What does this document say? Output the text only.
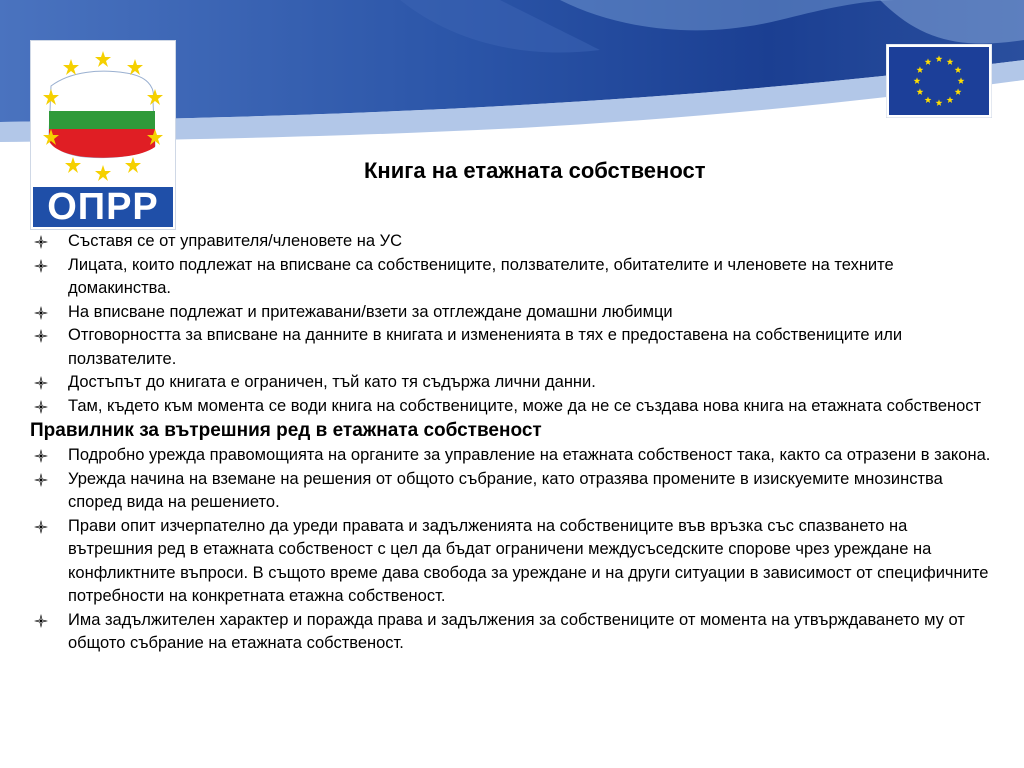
ОПРР
Книга на етажната собственост
Съставя се от управителя/членовете на УС
Лицата, които подлежат на вписване са собствениците, ползвателите, обитателите и членовете на техните домакинства.
На вписване подлежат и притежавани/взети за отглеждане домашни любимци
Отговорността за вписване на данните в книгата и измененията в тях е предоставена на собствениците или ползвателите.
Достъпът до книгата е ограничен, тъй като тя съдържа лични данни.
Там, където към момента се води книга на собствениците, може да не се създава нова книга на етажната собственост
Правилник за вътрешния ред в етажната собственост
Подробно урежда правомощията на органите за управление на етажната собственост така, както са отразени в закона.
Урежда начина на вземане на решения от общото събрание, като отразява промените в изискуемите мнозинства според вида на решението.
Прави опит изчерпателно да уреди правата и задълженията на собствениците във връзка със спазването на вътрешния ред в етажната собственост с цел да бъдат ограничени междусъседските спорове чрез уреждане на конфликтните въпроси. В същото време дава свобода за уреждане и на други ситуации в зависимост от специфичните потребности на конкретната етажна собственост.
Има задължителен характер и поражда права и задължения за собствениците от момента на утвърждаването му от общото събрание на етажната собственост.
